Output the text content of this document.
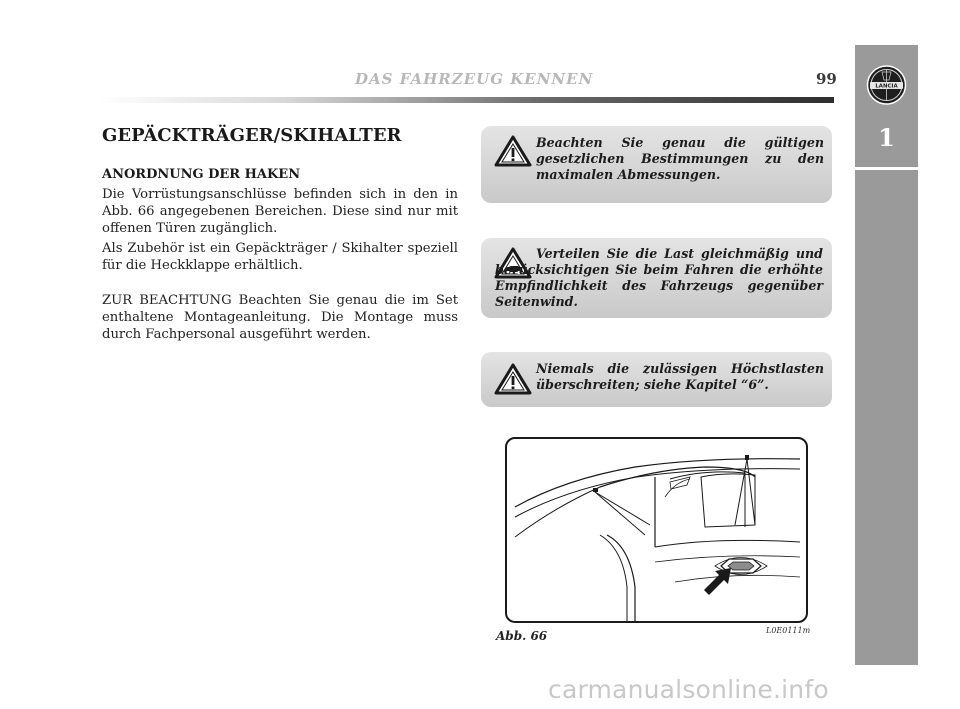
DAS FAHRZEUG KENNEN	99	LANCIA
1
GEPÄCKTRÄGER/SKIHALTER
ANORDNUNG DER HAKEN

Die Vorrüstungsanschlüsse befinden sich in den in Abb. 66 angegebenen Bereichen. Diese sind nur mit offenen Türen zugänglich.

Als Zubehör ist ein Gepäckträger / Skihalter speziell für die Heckklappe erhältlich.

ZUR BEACHTUNG Beachten Sie genau die im Set enthaltene Montageanleitung. Die Montage muss durch Fachpersonal ausgeführt werden.

Beachten Sie genau die gültigen gesetzlichen Bestimmungen zu den maximalen Abmessungen.

Verteilen Sie die Last gleichmäßig und berücksichtigen Sie beim Fahren die erhöhte Empfindlichkeit des Fahrzeugs gegenüber Seitenwind.

Niemals die zulässigen Höchstlasten überschreiten; siehe Kapitel “6”.

Abb. 66	L0E0111m
carmanualsonline.info
